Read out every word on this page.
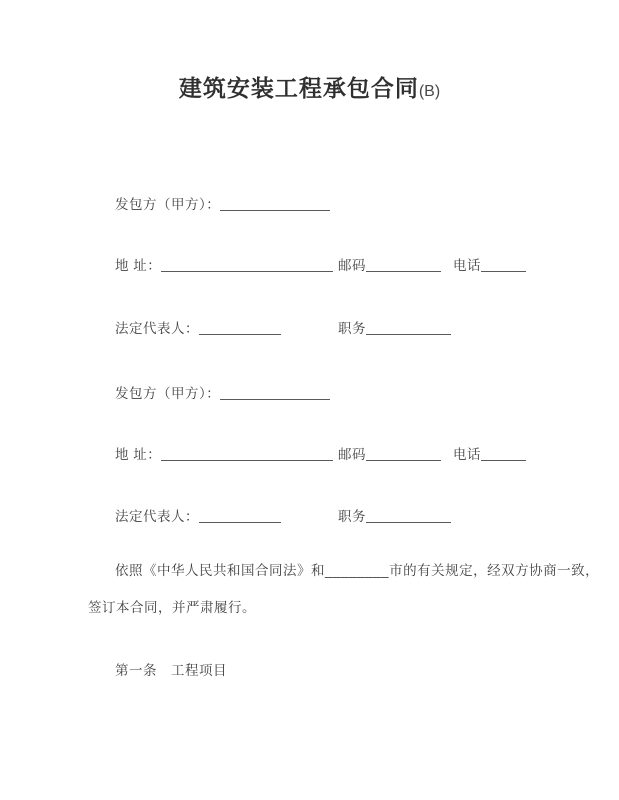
建筑安装工程承包合同(B)
发包方（甲方）：
地 址：	邮码	电话
法定代表人：	职务
发包方（甲方）：
地 址：	邮码	电话
法定代表人：	职务
依照《中华人民共和国合同法》和________市的有关规定，经双方协商一致，
签订本合同，并严肃履行。
第一条　工程项目
